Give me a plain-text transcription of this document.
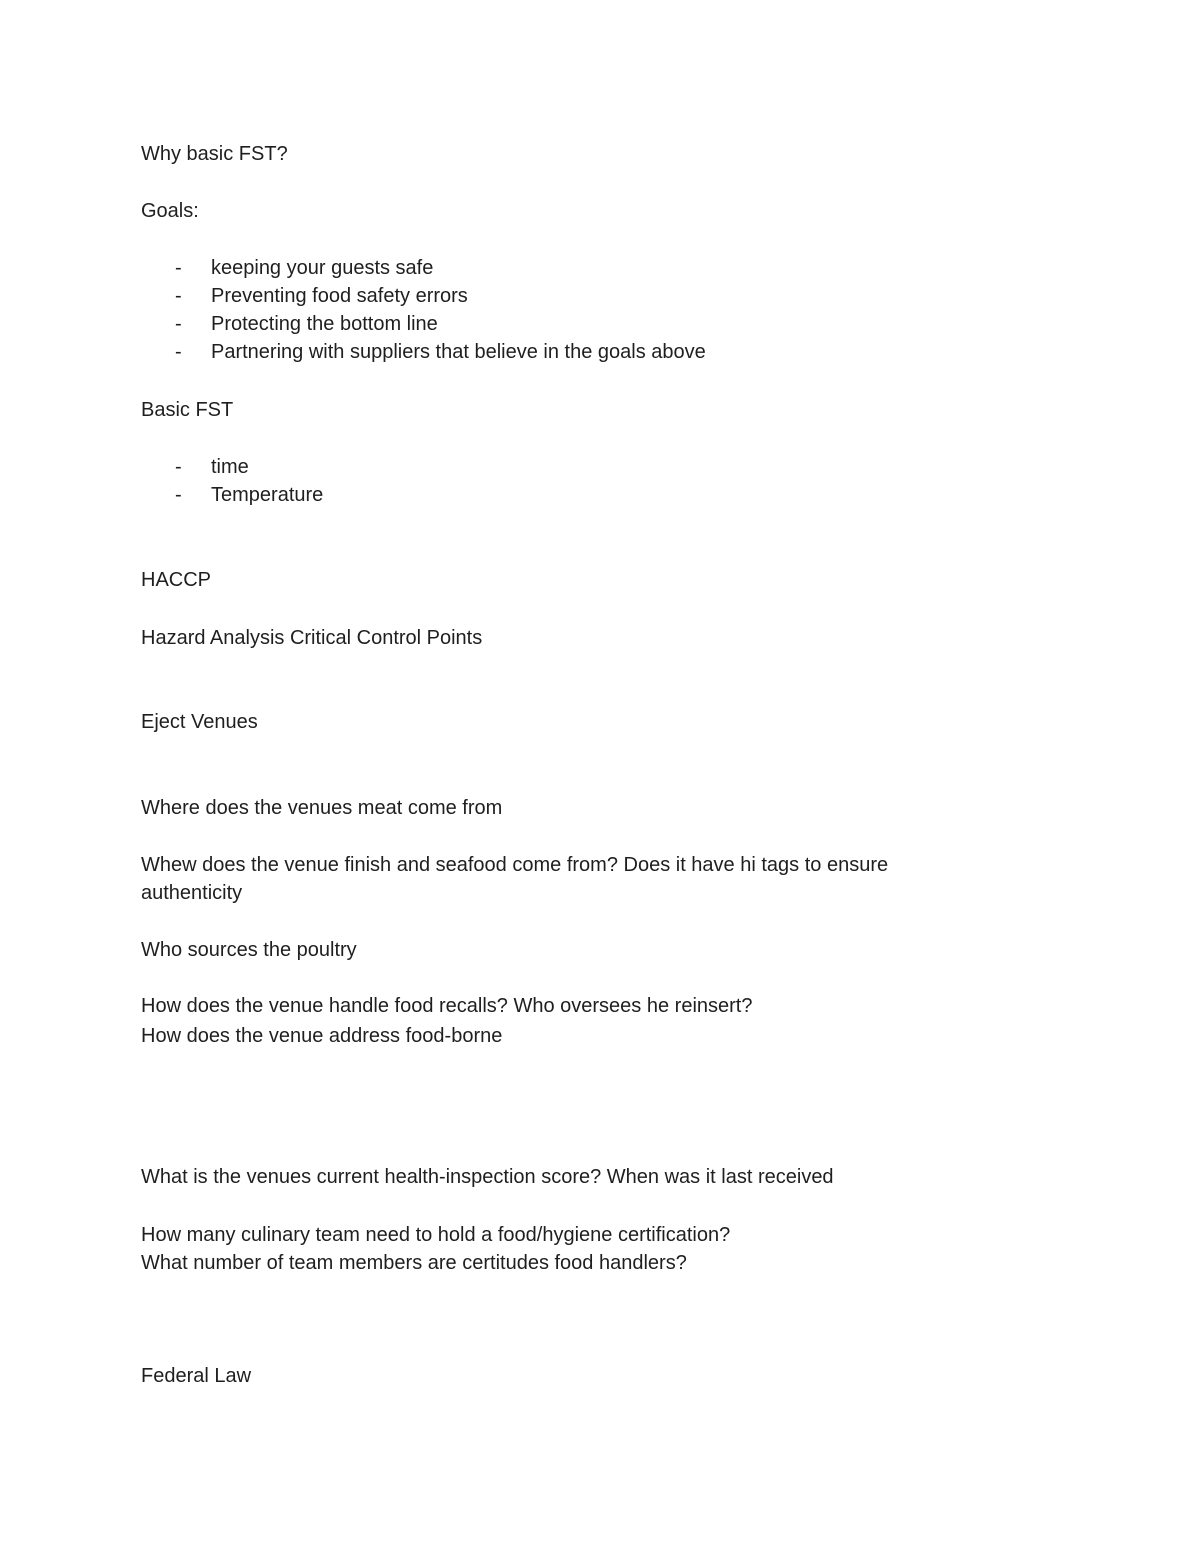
Why basic FST?
Goals:
- keeping your guests safe
- Preventing food safety errors
- Protecting the bottom line
- Partnering with suppliers that believe in the goals above
Basic FST
- time
- Temperature
HACCP
Hazard Analysis Critical Control Points
Eject Venues
Where does the venues meat come from
Whew does the venue finish and seafood come from? Does it have hi tags to ensure
authenticity
Who sources the poultry
How does the venue handle food recalls? Who oversees he reinsert?
How does the venue address food-borne
What is the venues current health-inspection score? When was it last received
How many culinary team need to hold a food/hygiene certification?
What number of team members are certitudes food handlers?
Federal Law
